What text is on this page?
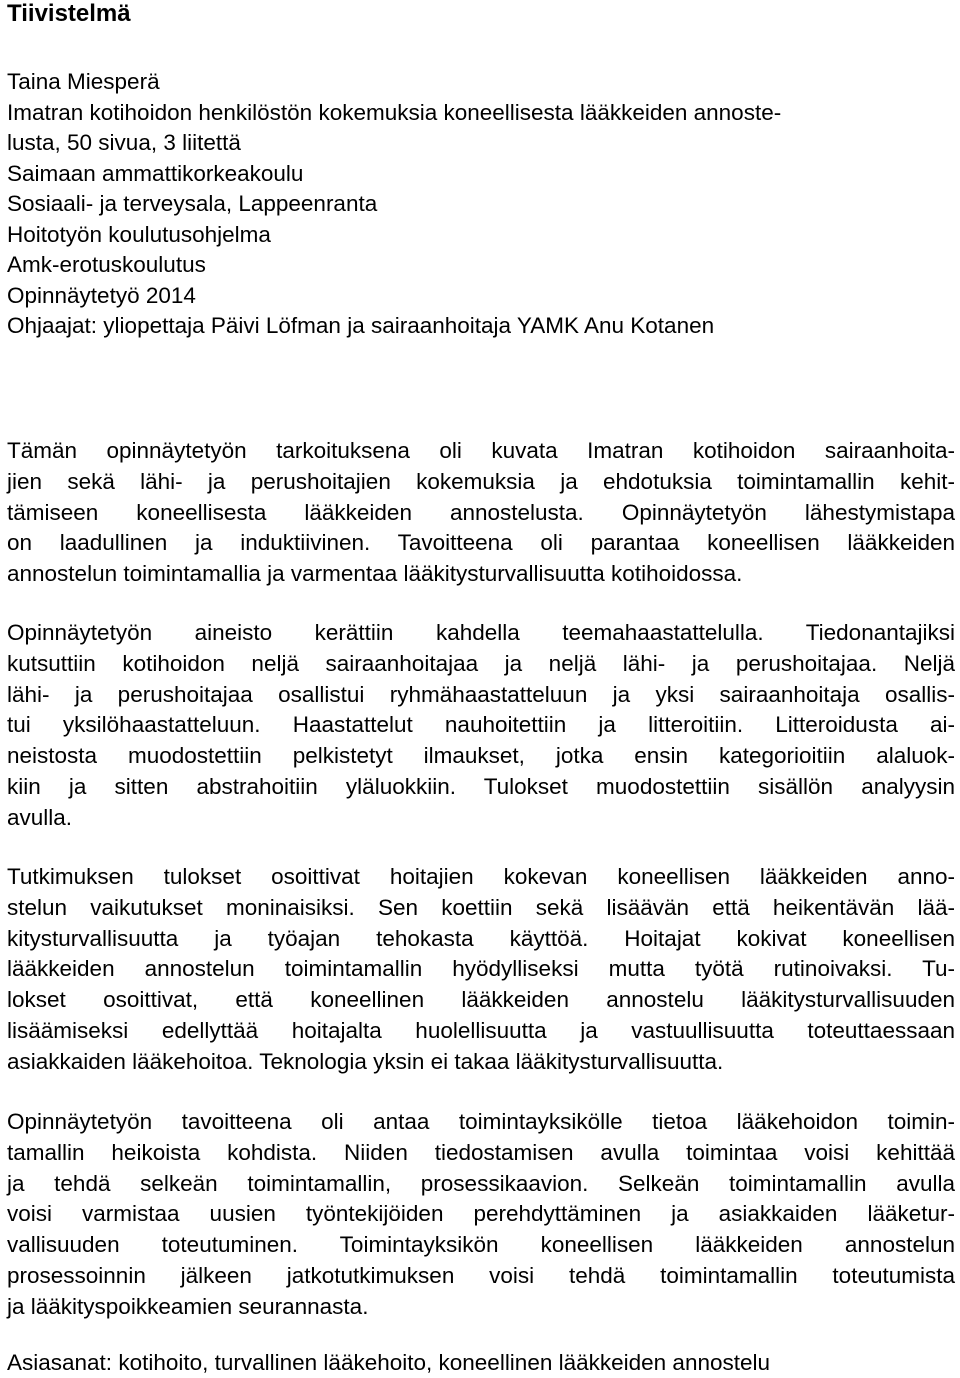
Tiivistelmä
Taina Miesperä
Imatran kotihoidon henkilöstön kokemuksia koneellisesta lääkkeiden annoste-
lusta, 50 sivua, 3 liitettä
Saimaan ammattikorkeakoulu
Sosiaali- ja terveysala, Lappeenranta
Hoitotyön koulutusohjelma
Amk-erotuskoulutus
Opinnäytetyö 2014
Ohjaajat: yliopettaja Päivi Löfman ja sairaanhoitaja YAMK Anu Kotanen

Tämän opinnäytetyön tarkoituksena oli kuvata Imatran kotihoidon sairaanhoita-
jien sekä lähi- ja perushoitajien kokemuksia ja ehdotuksia toimintamallin kehit-
tämiseen koneellisesta lääkkeiden annostelusta. Opinnäytetyön lähestymistapa
on laadullinen ja induktiivinen. Tavoitteena oli parantaa koneellisen lääkkeiden
annostelun toimintamallia ja varmentaa lääkitysturvallisuutta kotihoidossa.

Opinnäytetyön aineisto kerättiin kahdella teemahaastattelulla. Tiedonantajiksi
kutsuttiin kotihoidon neljä sairaanhoitajaa ja neljä lähi- ja perushoitajaa. Neljä
lähi- ja perushoitajaa osallistui ryhmähaastatteluun ja yksi sairaanhoitaja osallis-
tui yksilöhaastatteluun. Haastattelut nauhoitettiin ja litteroitiin. Litteroidusta ai-
neistosta muodostettiin pelkistetyt ilmaukset, jotka ensin kategorioitiin alaluok-
kiin ja sitten abstrahoitiin yläluokkiin. Tulokset muodostettiin sisällön analyysin
avulla.

Tutkimuksen tulokset osoittivat hoitajien kokevan koneellisen lääkkeiden anno-
stelun vaikutukset moninaisiksi. Sen koettiin sekä lisäävän että heikentävän lää-
kitysturvallisuutta ja työajan tehokasta käyttöä. Hoitajat kokivat koneellisen
lääkkeiden annostelun toimintamallin hyödylliseksi mutta työtä rutinoivaksi. Tu-
lokset osoittivat, että koneellinen lääkkeiden annostelu lääkitysturvallisuuden
lisäämiseksi edellyttää hoitajalta huolellisuutta ja vastuullisuutta toteuttaessaan
asiakkaiden lääkehoitoa. Teknologia yksin ei takaa lääkitysturvallisuutta.

Opinnäytetyön tavoitteena oli antaa toimintayksikölle tietoa lääkehoidon toimin-
tamallin heikoista kohdista. Niiden tiedostamisen avulla toimintaa voisi kehittää
ja tehdä selkeän toimintamallin, prosessikaavion. Selkeän toimintamallin avulla
voisi varmistaa uusien työntekijöiden perehdyttäminen ja asiakkaiden lääketur-
vallisuuden toteutuminen. Toimintayksikön koneellisen lääkkeiden annostelun
prosessoinnin jälkeen jatkotutkimuksen voisi tehdä toimintamallin toteutumista
ja lääkityspoikkeamien seurannasta.

Asiasanat: kotihoito, turvallinen lääkehoito, koneellinen lääkkeiden annostelu
